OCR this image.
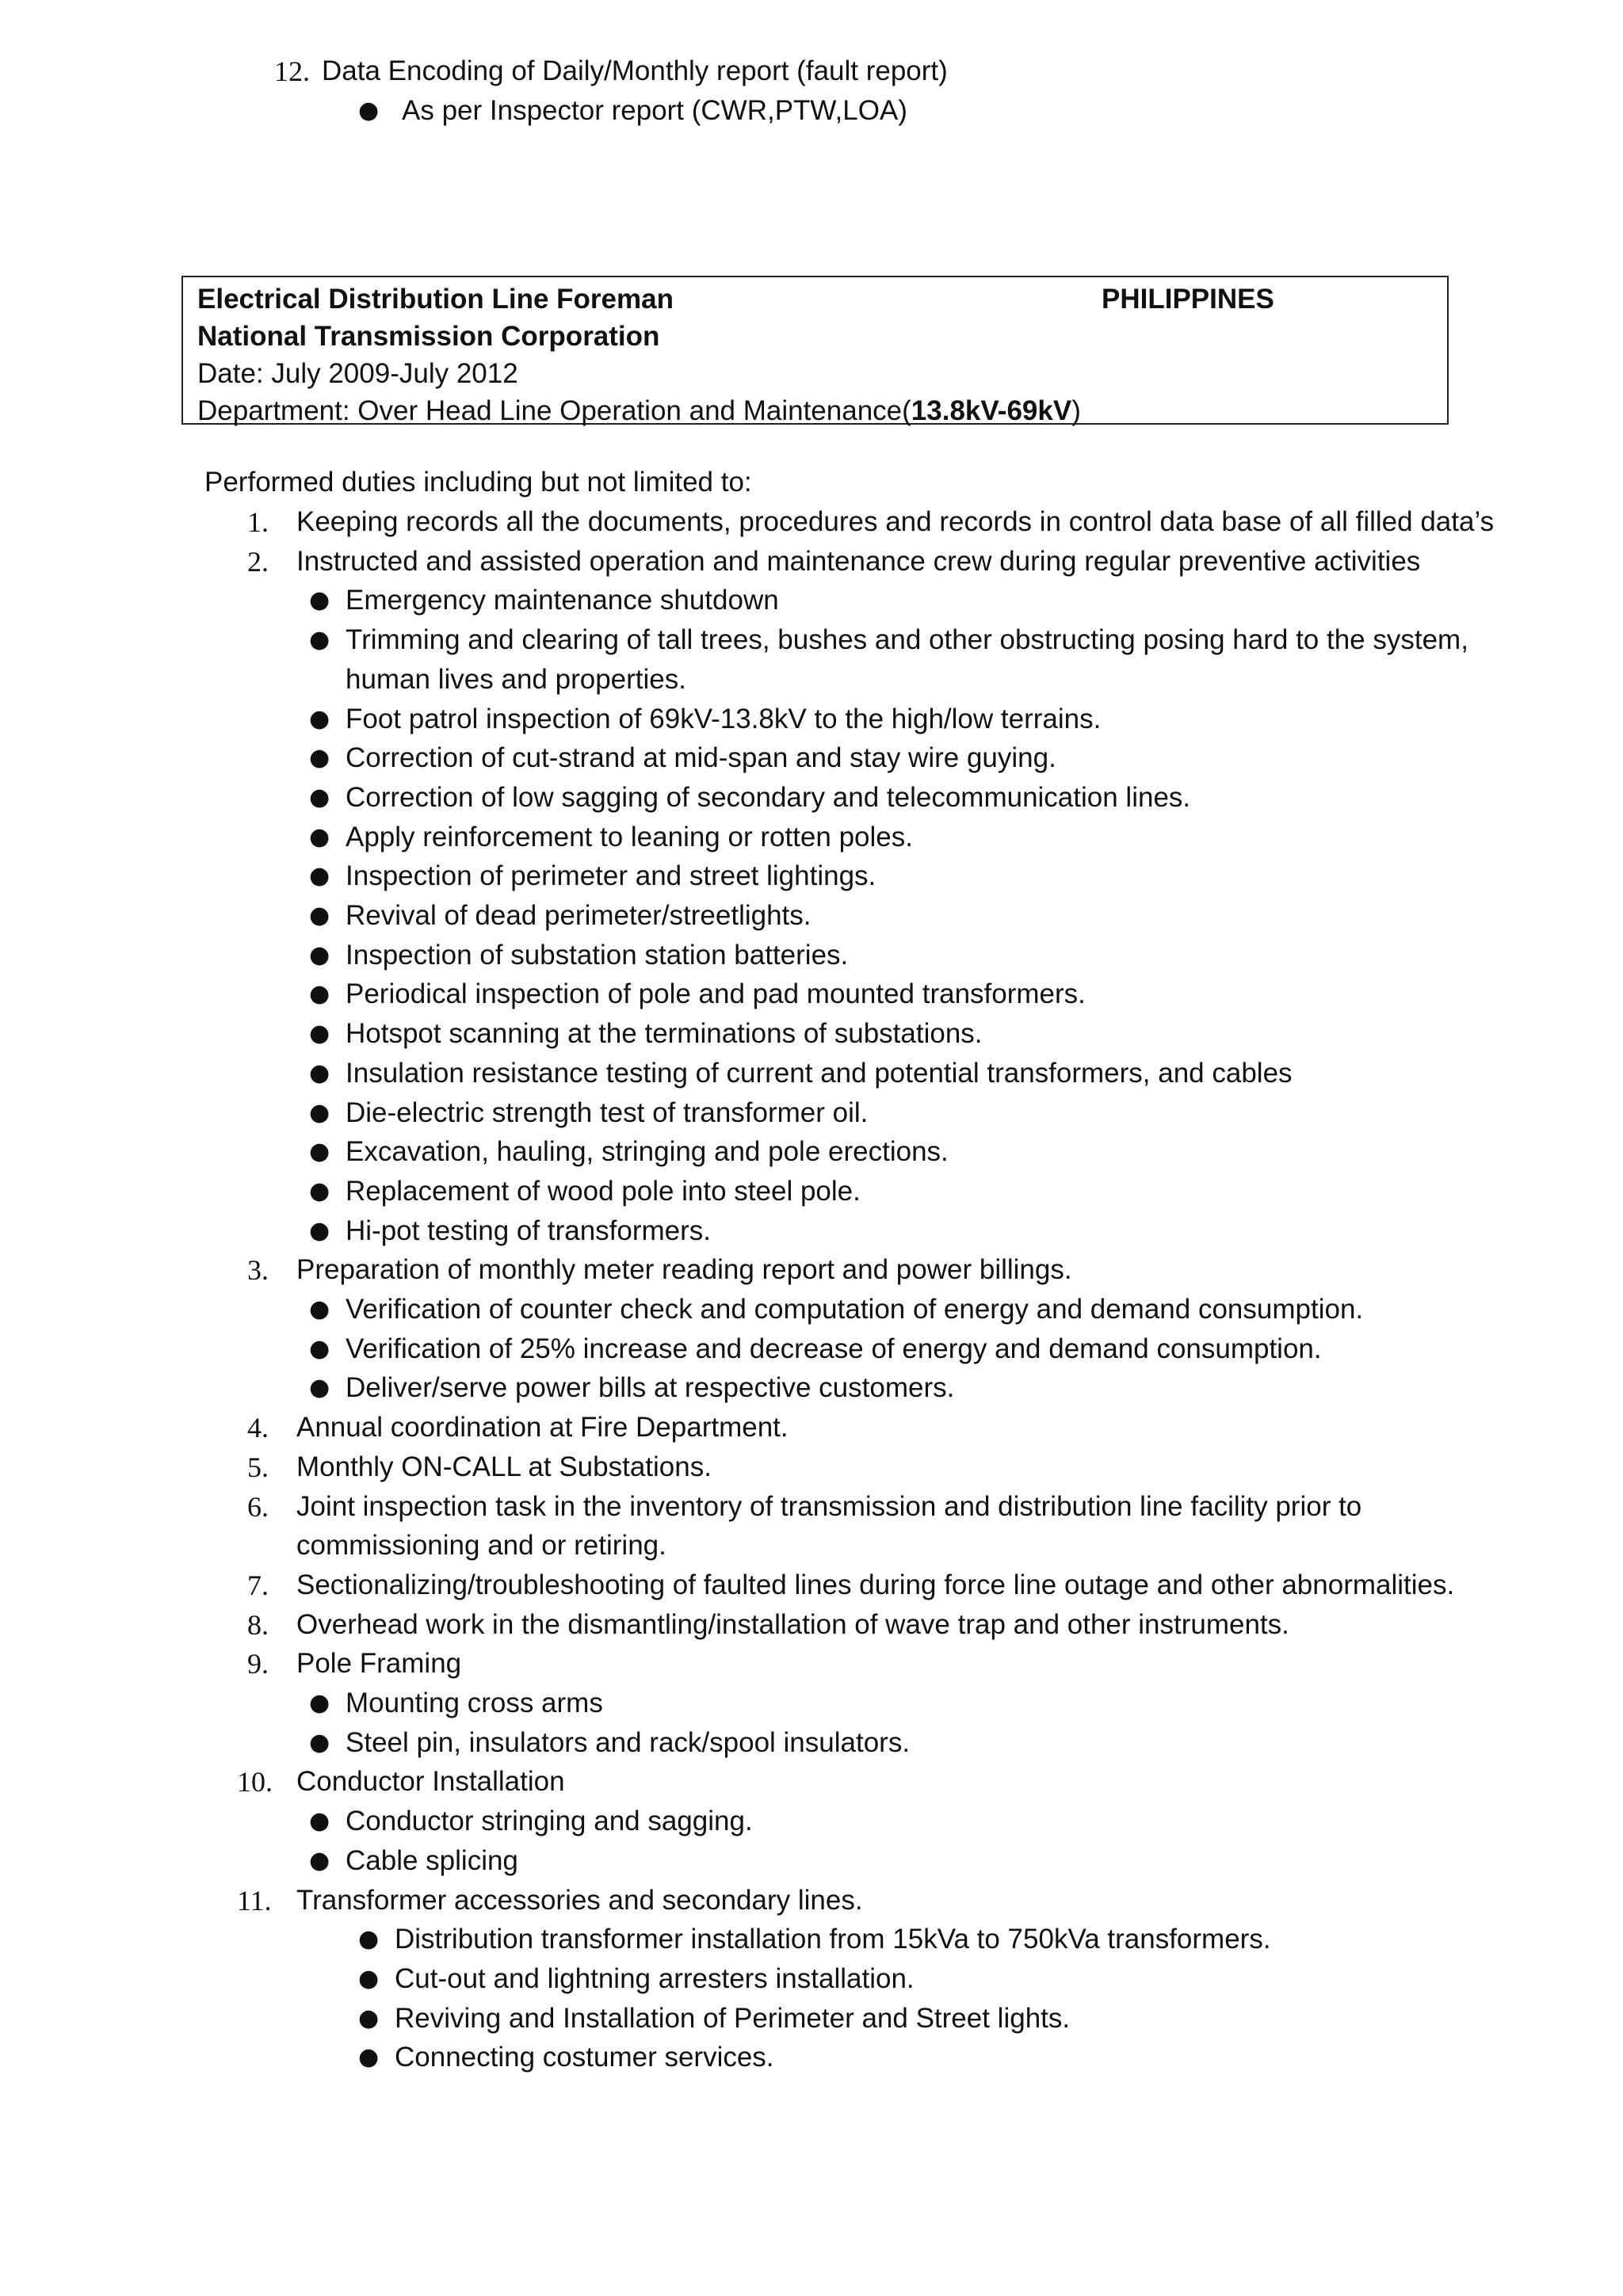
12. Data Encoding of Daily/Monthly report (fault report)
● As per Inspector report (CWR,PTW,LOA)
Electrical Distribution Line Foreman	PHILIPPINES
National Transmission Corporation
Date: July 2009-July 2012
Department: Over Head Line Operation and Maintenance(13.8kV-69kV)
Performed duties including but not limited to:
1. Keeping records all the documents, procedures and records in control data base of all filled data’s
2. Instructed and assisted operation and maintenance crew during regular preventive activities
● Emergency maintenance shutdown
● Trimming and clearing of tall trees, bushes and other obstructing posing hard to the system,
human lives and properties.
● Foot patrol inspection of 69kV-13.8kV to the high/low terrains.
● Correction of cut-strand at mid-span and stay wire guying.
● Correction of low sagging of secondary and telecommunication lines.
● Apply reinforcement to leaning or rotten poles.
● Inspection of perimeter and street lightings.
● Revival of dead perimeter/streetlights.
● Inspection of substation station batteries.
● Periodical inspection of pole and pad mounted transformers.
● Hotspot scanning at the terminations of substations.
● Insulation resistance testing of current and potential transformers, and cables
● Die-electric strength test of transformer oil.
● Excavation, hauling, stringing and pole erections.
● Replacement of wood pole into steel pole.
● Hi-pot testing of transformers.
3. Preparation of monthly meter reading report and power billings.
● Verification of counter check and computation of energy and demand consumption.
● Verification of 25% increase and decrease of energy and demand consumption.
● Deliver/serve power bills at respective customers.
4. Annual coordination at Fire Department.
5. Monthly ON-CALL at Substations.
6. Joint inspection task in the inventory of transmission and distribution line facility prior to
commissioning and or retiring.
7. Sectionalizing/troubleshooting of faulted lines during force line outage and other abnormalities.
8. Overhead work in the dismantling/installation of wave trap and other instruments.
9. Pole Framing
● Mounting cross arms
● Steel pin, insulators and rack/spool insulators.
10. Conductor Installation
● Conductor stringing and sagging.
● Cable splicing
11. Transformer accessories and secondary lines.
● Distribution transformer installation from 15kVa to 750kVa transformers.
● Cut-out and lightning arresters installation.
● Reviving and Installation of Perimeter and Street lights.
● Connecting costumer services.
